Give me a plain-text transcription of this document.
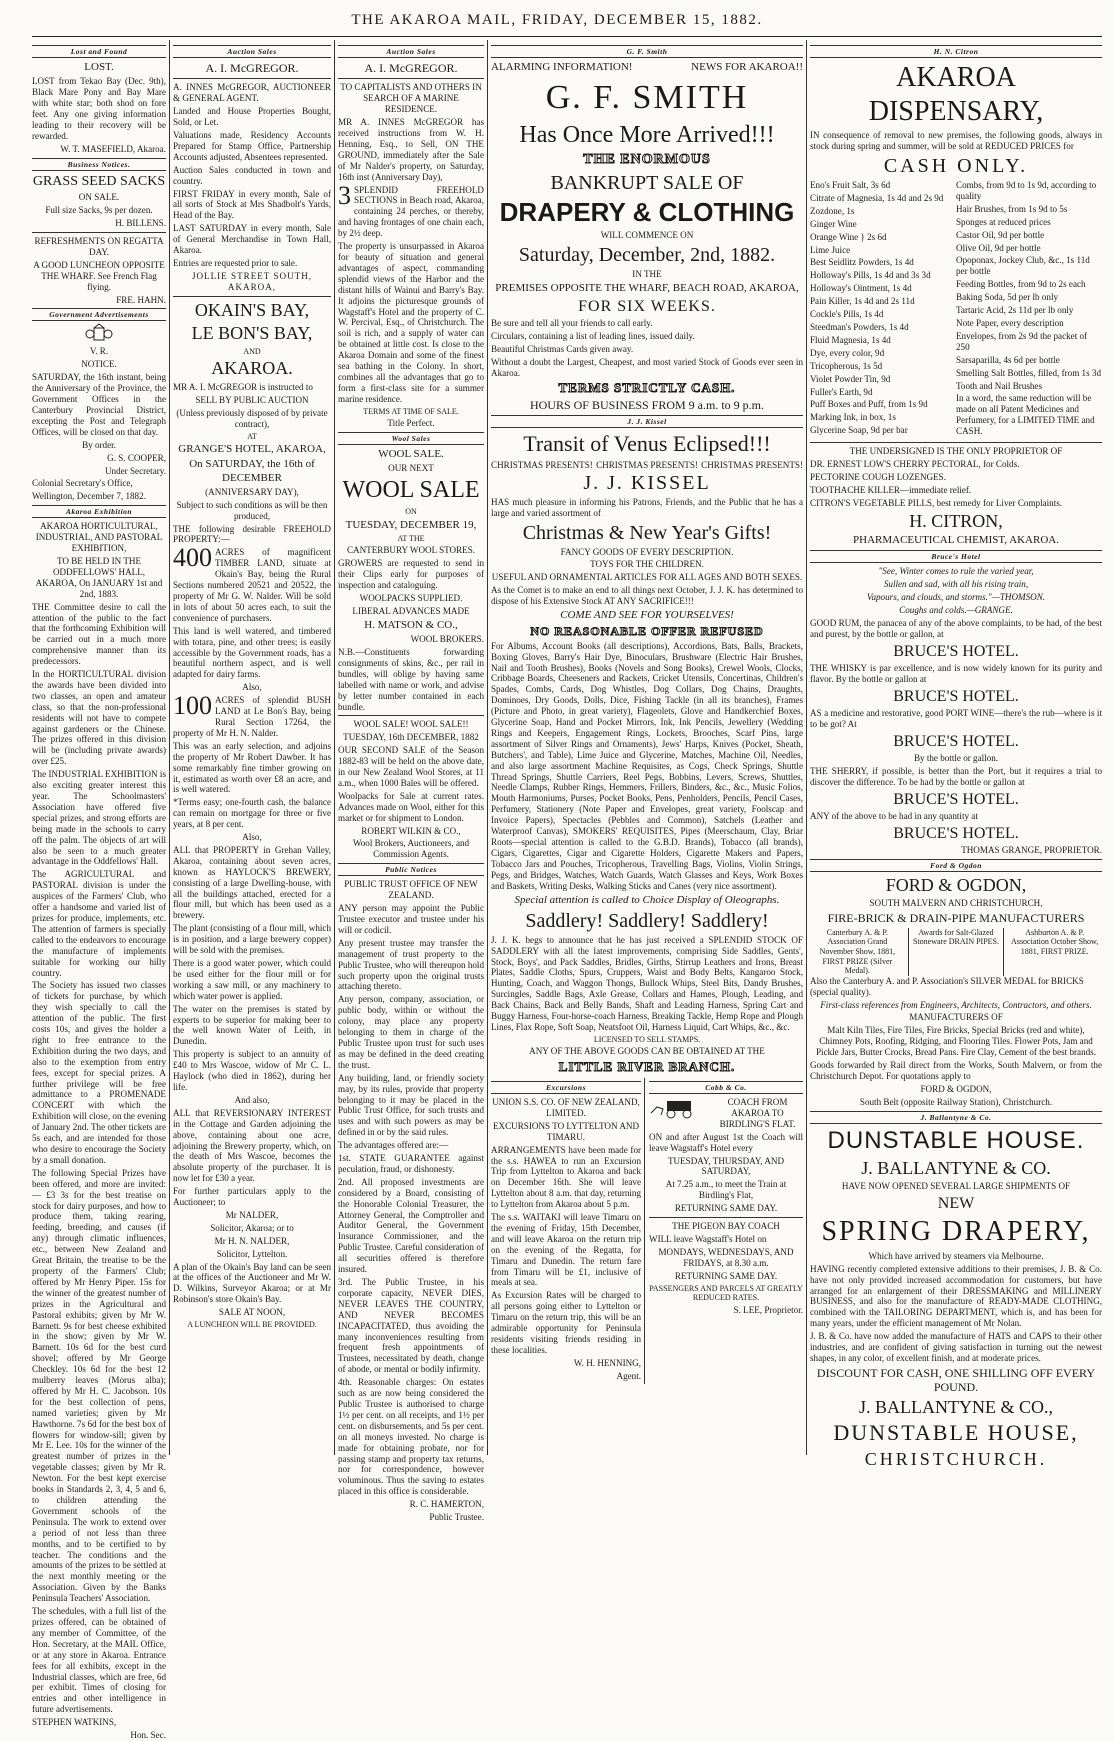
THE AKAROA MAIL, FRIDAY, DECEMBER 15, 1882.
Lost and Found

LOST.

LOST from Tekao Bay (Dec. 9th), Black Mare Pony and Bay Mare with white star; both shod on fore feet. Any one giving information leading to their recovery will be rewarded.

W. T. MASEFIELD, Akaroa.

Business Notices.

GRASS SEED SACKS

ON SALE.

Full size Sacks, 9s per dozen.

H. BILLENS.

REFRESHMENTS ON REGATTA DAY.

A GOOD LUNCHEON OPPOSITE THE WHARF. See French Flag flying.

FRE. HAHN.

Government Advertisements

V. R.

NOTICE.

SATURDAY, the 16th instant, being the Anniversary of the Province, the Government Offices in the Canterbury Provincial District, excepting the Post and Telegraph Offices, will be closed on that day.

By order.

G. S. COOPER,

Under Secretary.

Colonial Secretary's Office,

Wellington, December 7, 1882.

Akaroa Exhibition

AKAROA HORTICULTURAL, INDUSTRIAL, AND PASTORAL EXHIBITION,

TO BE HELD IN THE ODDFELLOWS' HALL, AKAROA, On JANUARY 1st and 2nd, 1883.

THE Committee desire to call the attention of the public to the fact that the forthcoming Exhibition will be carried out in a much more comprehensive manner than its predecessors.

In the HORTICULTURAL division the awards have been divided into two classes, an open and amateur class, so that the non-professional residents will not have to compete against gardeners or the Chinese. The prizes offered in this division will be (including private awards) over £25.

The INDUSTRIAL EXHIBITION is also exciting greater interest this year. The Schoolmasters' Association have offered five special prizes, and strong efforts are being made in the schools to carry off the palm. The objects of art will also be seen to a much greater advantage in the Oddfellows' Hall.

The AGRICULTURAL and PASTORAL division is under the auspices of the Farmers' Club, who offer a handsome and varied list of prizes for produce, implements, etc. The attention of farmers is specially called to the endeavors to encourage the manufacture of implements suitable for working our hilly country.

The Society has issued two classes of tickets for purchase, by which they wish specially to call the attention of the public. The first costs 10s, and gives the holder a right to free entrance to the Exhibition during the two days, and also to the exemption from entry fees, except for special prizes. A further privilege will be free admittance to a PROMENADE CONCERT with which the Exhibition will close, on the evening of January 2nd. The other tickets are 5s each, and are intended for those who desire to encourage the Society by a small donation.

The following Special Prizes have been offered, and more are invited:— £3 3s for the best treatise on stock for dairy purposes, and how to produce them, taking rearing, feeding, breeding, and causes (if any) through climatic influences, etc., between New Zealand and Great Britain, the treatise to be the property of the Farmers' Club; offered by Mr Henry Piper. 15s for the winner of the greatest number of prizes in the Agricultural and Pastoral exhibits; given by Mr W. Barnett. 9s for best cheese exhibited in the show; given by Mr W. Barnett. 10s 6d for the best curd shovel; offered by Mr George Checkley. 10s 6d for the best 12 mulberry leaves (Morus alba); offered by Mr H. C. Jacobson. 10s for the best collection of pens, named varieties; given by Mr Hawthorne. 7s 6d for the best box of flowers for window-sill; given by Mr E. Lee. 10s for the winner of the greatest number of prizes in the vegetable classes; given by Mr R. Newton. For the best kept exercise books in Standards 2, 3, 4, 5 and 6, to children attending the Government schools of the Peninsula. The work to extend over a period of not less than three months, and to be certified to by teacher. The conditions and the amounts of the prizes to be settled at the next monthly meeting or the Association. Given by the Banks Peninsula Teachers' Association.

The schedules, with a full list of the prizes offered, can be obtained of any member of Committee, of the Hon. Secretary, at the MAIL Office, or at any store in Akaroa. Entrance fees for all exhibits, except in the Industrial classes, which are free, 6d per exhibit. Times of closing for entries and other intelligence in future advertisements.

STEPHEN WATKINS,

Hon. Sec.

Auction Sales

A. I. McGREGOR.

A. INNES McGREGOR, AUCTIONEER & GENERAL AGENT.

Landed and House Properties Bought, Sold, or Let.

Valuations made, Residency Accounts Prepared for Stamp Office, Partnership Accounts adjusted, Absentees represented.

Auction Sales conducted in town and country.

FIRST FRIDAY in every month, Sale of all sorts of Stock at Mrs Shadbolt's Yards, Head of the Bay.

LAST SATURDAY in every month, Sale of General Merchandise in Town Hall, Akaroa.

Entries are requested prior to sale.

JOLLIE STREET SOUTH, AKAROA,

OKAIN'S BAY,

LE BON'S BAY,

AND

AKAROA.

MR A. I. McGREGOR is instructed to

SELL BY PUBLIC AUCTION

(Unless previously disposed of by private contract),

AT

GRANGE'S HOTEL, AKAROA,

On SATURDAY, the 16th of DECEMBER

(ANNIVERSARY DAY),

Subject to such conditions as will be then produced,

THE following desirable FREEHOLD PROPERTY:—

400 ACRES of magnificent TIMBER LAND, situate at Okain's Bay, being the Rural Sections numbered 20521 and 20522, the property of Mr G. W. Nalder. Will be sold in lots of about 50 acres each, to suit the convenience of purchasers.

This land is well watered, and timbered with totara, pine, and other trees; is easily accessible by the Government roads, has a beautiful northern aspect, and is well adapted for dairy farms.

Also,

100 ACRES of splendid BUSH LAND at Le Bon's Bay, being Rural Section 17264, the property of Mr H. N. Nalder.

This was an early selection, and adjoins the property of Mr Robert Dawber. It has some remarkably fine timber growing on it, estimated as worth over £8 an acre, and is well watered.

*Terms easy; one-fourth cash, the balance can remain on mortgage for three or five years, at 8 per cent.

Also,

ALL that PROPERTY in Grehan Valley, Akaroa, containing about seven acres, known as HAYLOCK'S BREWERY, consisting of a large Dwelling-house, with all the buildings attached, erected for a flour mill, but which has been used as a brewery.

The plant (consisting of a flour mill, which is in position, and a large brewery copper) will be sold with the premises.

There is a good water power, which could be used either for the flour mill or for working a saw mill, or any machinery to which water power is applied.

The water on the premises is stated by experts to be superior for making beer to the well known Water of Leith, in Dunedin.

This property is subject to an annuity of £40 to Mrs Wascoe, widow of Mr C. L. Haylock (who died in 1862), during her life.

And also,

ALL that REVERSIONARY INTEREST in the Cottage and Garden adjoining the above, containing about one acre, adjoining the Brewery property, which, on the death of Mrs Wascoe, becomes the absolute property of the purchaser. It is now let for £30 a year.

For further particulars apply to the Auctioneer; to

Mr NALDER,

Solicitor, Akaroa; or to

Mr H. N. NALDER,

Solicitor, Lyttelton.

A plan of the Okain's Bay land can be seen at the offices of the Auctioneer and Mr W. D. Wilkins, Surveyor Akaroa; or at Mr Robinson's store Okain's Bay.

SALE AT NOON,

A LUNCHEON WILL BE PROVIDED.

Auction Sales

A. I. McGREGOR.

TO CAPITALISTS AND OTHERS IN SEARCH OF A MARINE RESIDENCE.

MR A. INNES McGREGOR has received instructions from W. H. Henning, Esq., to Sell, ON THE GROUND, immediately after the Sale of Mr Nalder's property, on Saturday, 16th inst (Anniversary Day),

3 SPLENDID FREEHOLD SECTIONS in Beach road, Akaroa, containing 24 perches, or thereby, and having frontages of one chain each, by 2½ deep.

The property is unsurpassed in Akaroa for beauty of situation and general advantages of aspect, commanding splendid views of the Harbor and the distant hills of Wainui and Barry's Bay. It adjoins the picturesque grounds of Wagstaff's Hotel and the property of C. W. Percival, Esq., of Christchurch. The soil is rich, and a supply of water can be obtained at little cost. Is close to the Akaroa Domain and some of the finest sea bathing in the Colony. In short, combines all the advantages that go to form a first-class site for a summer marine residence.

TERMS AT TIME OF SALE.

Title Perfect.

Wool Sales

WOOL SALE.

OUR NEXT

WOOL SALE

ON

TUESDAY, DECEMBER 19,

AT THE

CANTERBURY WOOL STORES.

GROWERS are requested to send in their Clips early for purposes of inspection and cataloguing.

WOOLPACKS SUPPLIED.

LIBERAL ADVANCES MADE

H. MATSON & CO.,

WOOL BROKERS.

N.B.—Constituents forwarding consignments of skins, &c., per rail in bundles, will oblige by having same labelled with name or work, and advise by letter number contained in each bundle.

WOOL SALE! WOOL SALE!!

TUESDAY, 16th DECEMBER, 1882

OUR SECOND SALE of the Season 1882-83 will be held on the above date, in our New Zealand Wool Stores, at 11 a.m., when 1000 Bales will be offered.

Woolpacks for Sale at current rates. Advances made on Wool, either for this market or for shipment to London.

ROBERT WILKIN & CO.,

Wool Brokers, Auctioneers, and Commission Agents.

Public Notices

PUBLIC TRUST OFFICE OF NEW ZEALAND.

ANY person may appoint the Public Trustee executor and trustee under his will or codicil.

Any present trustee may transfer the management of trust property to the Public Trustee, who will thereupon hold such property upon the original trusts attaching thereto.

Any person, company, association, or public body, within or without the colony, may place any property belonging to them in charge of the Public Trustee upon trust for such uses as may be defined in the deed creating the trust.

Any building, land, or friendly society may, by its rules, provide that property belonging to it may be placed in the Public Trust Office, for such trusts and uses and with such powers as may be defined in or by the said rules.

The advantages offered are:—

1st. STATE GUARANTEE against peculation, fraud, or dishonesty.

2nd. All proposed investments are considered by a Board, consisting of the Honorable Colonial Treasurer, the Attorney General, the Comptroller and Auditor General, the Government Insurance Commissioner, and the Public Trustee. Careful consideration of all securities offered is therefore insured.

3rd. The Public Trustee, in his corporate capacity, NEVER DIES, NEVER LEAVES THE COUNTRY, AND NEVER BECOMES INCAPACITATED, thus avoiding the many inconveniences resulting from frequent fresh appointments of Trustees, necessitated by death, change of abode, or mental or bodily infirmity.

4th. Reasonable charges: On estates such as are now being considered the Public Trustee is authorised to charge 1½ per cent. on all receipts, and 1½ per cent. on disbursements, and 5s per cent. on all moneys invested. No charge is made for obtaining probate, nor for passing stamp and property tax returns, nor for correspondence, however voluminous. Thus the saving to estates placed in this office is considerable.

R. C. HAMERTON,

Public Trustee.

G. F. Smith
ALARMING INFORMATION!	NEWS FOR AKAROA!!

G. F. SMITH

Has Once More Arrived!!!

THE ENORMOUS

BANKRUPT SALE OF

DRAPERY & CLOTHING

WILL COMMENCE ON

Saturday, December, 2nd, 1882.

IN THE

PREMISES OPPOSITE THE WHARF, BEACH ROAD, AKAROA,

FOR SIX WEEKS.

Be sure and tell all your friends to call early.

Circulars, containing a list of leading lines, issued daily.

Beautiful Christmas Cards given away.

Without a doubt the Largest, Cheapest, and most varied Stock of Goods ever seen in Akaroa.

TERMS STRICTLY CASH.

HOURS OF BUSINESS FROM 9 a.m. to 9 p.m.

J. J. Kissel

Transit of Venus Eclipsed!!!

CHRISTMAS PRESENTS! CHRISTMAS PRESENTS! CHRISTMAS PRESENTS!

J. J. KISSEL

HAS much pleasure in informing his Patrons, Friends, and the Public that he has a large and varied assortment of

Christmas & New Year's Gifts!

FANCY GOODS OF EVERY DESCRIPTION.

TOYS FOR THE CHILDREN.

USEFUL AND ORNAMENTAL ARTICLES FOR ALL AGES AND BOTH SEXES.

As the Comet is to make an end to all things next October, J. J. K. has determined to dispose of his Extensive Stock AT ANY SACRIFICE!!!

COME AND SEE FOR YOURSELVES!

NO REASONABLE OFFER REFUSED

For Albums, Account Books (all descriptions), Accordions, Bats, Balls, Brackets, Boxing Gloves, Barry's Hair Dye, Binoculars, Brushware (Electric Hair Brushes, Nail and Tooth Brushes), Books (Novels and Song Books), Crewel Wools, Clocks, Cribbage Boards, Cheeseners and Rackets, Cricket Utensils, Concertinas, Children's Spades, Combs, Cards, Dog Whistles, Dog Collars, Dog Chains, Draughts, Dominoes, Dry Goods, Dolls, Dice, Fishing Tackle (in all its branches), Frames (Picture and Photo, in great variety), Flageolets, Glove and Handkerchief Boxes, Glycerine Soap, Hand and Pocket Mirrors, Ink, Ink Pencils, Jewellery (Wedding Rings and Keepers, Engagement Rings, Lockets, Brooches, Scarf Pins, large assortment of Silver Rings and Ornaments), Jews' Harps, Knives (Pocket, Sheath, Butchers', and Table), Lime Juice and Glycerine, Matches, Machine Oil, Needles, and also large assortment Machine Requisites, as Cogs, Check Springs, Shuttle Thread Springs, Shuttle Carriers, Reel Pegs, Bobbins, Levers, Screws, Shuttles, Needle Clamps, Rubber Rings, Hemmers, Frillers, Binders, &c., &c., Music Folios, Mouth Harmoniums, Purses, Pocket Books, Pens, Penholders, Pencils, Pencil Cases, Perfumery, Stationery (Note Paper and Envelopes, great variety, Foolscap and Invoice Papers), Spectacles (Pebbles and Common), Satchels (Leather and Waterproof Canvas), SMOKERS' REQUISITES, Pipes (Meerschaum, Clay, Briar Roots—special attention is called to the G.B.D. Brands), Tobacco (all brands), Cigars, Cigarettes, Cigar and Cigarette Holders, Cigarette Makers and Papers, Tobacco Jars and Pouches, Tricopherous, Travelling Bags, Violins, Violin Strings, Pegs, and Bridges, Watches, Watch Guards, Watch Glasses and Keys, Work Boxes and Baskets, Writing Desks, Walking Sticks and Canes (very nice assortment).

Special attention is called to Choice Display of Oleographs.

Saddlery! Saddlery! Saddlery!

J. J. K. begs to announce that he has just received a SPLENDID STOCK OF SADDLERY with all the latest improvements, comprising Side Saddles, Gents', Stock, Boys', and Pack Saddles, Bridles, Girths, Stirrup Leathers and Irons, Breast Plates, Saddle Cloths, Spurs, Cruppers, Waist and Body Belts, Kangaroo Stock, Hunting, Coach, and Waggon Thongs, Bullock Whips, Steel Bits, Dandy Brushes, Surcingles, Saddle Bags, Axle Grease, Collars and Hames, Plough, Leading, and Back Chains, Back and Belly Bands, Shaft and Leading Harness, Spring Cart and Buggy Harness, Four-horse-coach Harness, Breaking Tackle, Hemp Rope and Plough Lines, Flax Rope, Soft Soap, Neatsfoot Oil, Harness Liquid, Cart Whips, &c., &c.

LICENSED TO SELL STAMPS.

ANY OF THE ABOVE GOODS CAN BE OBTAINED AT THE

LITTLE RIVER BRANCH.

Excursions

UNION S.S. CO. OF NEW ZEALAND, LIMITED.

EXCURSIONS TO LYTTELTON AND TIMARU.

ARRANGEMENTS have been made for the s.s. HAWEA to run an Excursion Trip from Lyttelton to Akaroa and back on December 16th. She will leave Lyttelton about 8 a.m. that day, returning to Lyttelton from Akaroa about 5 p.m.

The s.s. WAITAKI will leave Timaru on the evening of Friday, 15th December, and will leave Akaroa on the return trip on the evening of the Regatta, for Timaru and Dunedin. The return fare from Timaru will be £1, inclusive of meals at sea.

As Excursion Rates will be charged to all persons going either to Lyttelton or Timaru on the return trip, this will be an admirable opportunity for Peninsula residents visiting friends residing in these localities.

W. H. HENNING,

Agent.

Cobb & Co.

COACH FROM AKAROA TO BIRDLING'S FLAT.

ON and after August 1st the Coach will leave Wagstaff's Hotel every

TUESDAY, THURSDAY, AND SATURDAY,

At 7.25 a.m., to meet the Train at Birdling's Flat,

RETURNING SAME DAY.

THE PIGEON BAY COACH

WILL leave Wagstaff's Hotel on

MONDAYS, WEDNESDAYS, AND FRIDAYS, at 8.30 a.m.

RETURNING SAME DAY.

PASSENGERS AND PARCELS AT GREATLY REDUCED RATES.

S. LEE, Proprietor.

H. N. Citron

AKAROA DISPENSARY,

IN consequence of removal to new premises, the following goods, always in stock during spring and summer, will be sold at REDUCED PRICES for

CASH ONLY.

Eno's Fruit Salt, 3s 6d

Citrate of Magnesia, 1s 4d and 2s 9d

Zozdone, 1s

Ginger Wine

Orange Wine } 2s 6d

Lime Juice

Best Seidlitz Powders, 1s 4d

Holloway's Pills, 1s 4d and 3s 3d

Holloway's Ointment, 1s 4d

Pain Killer, 1s 4d and 2s 11d

Cockle's Pills, 1s 4d

Steedman's Powders, 1s 4d

Fluid Magnesia, 1s 4d

Dye, every color, 9d

Tricopherous, 1s 5d

Violet Powder Tin, 9d

Fuller's Earth, 9d

Puff Boxes and Puff, from 1s 9d

Marking Ink, in box, 1s

Glycerine Soap, 9d per bar

Combs, from 9d to 1s 9d, according to quality

Hair Brushes, from 1s 9d to 5s

Sponges at reduced prices

Castor Oil, 9d per bottle

Olive Oil, 9d per bottle

Opoponax, Jockey Club, &c., 1s 11d per bottle

Feeding Bottles, from 9d to 2s each

Baking Soda, 5d per lb only

Tartaric Acid, 2s 11d per lb only

Note Paper, every description

Envelopes, from 2s 9d the packet of 250

Sarsaparilla, 4s 6d per bottle

Smelling Salt Bottles, filled, from 1s 3d

Tooth and Nail Brushes

In a word, the same reduction will be made on all Patent Medicines and Perfumery, for a LIMITED TIME and CASH.

THE UNDERSIGNED IS THE ONLY PROPRIETOR OF

DR. ERNEST LOW'S CHERRY PECTORAL, for Colds.

PECTORINE COUGH LOZENGES.

TOOTHACHE KILLER—immediate relief.

CITRON'S VEGETABLE PILLS, best remedy for Liver Complaints.

H. CITRON,

PHARMACEUTICAL CHEMIST, AKAROA.

Bruce's Hotel

"See, Winter comes to rule the varied year,

Sullen and sad, with all his rising train,

Vapours, and clouds, and storms."—THOMSON.

Coughs and colds.—GRANGE.

GOOD RUM, the panacea of any of the above complaints, to be had, of the best and purest, by the bottle or gallon, at

BRUCE'S HOTEL.

THE WHISKY is par excellence, and is now widely known for its purity and flavor. By the bottle or gallon at

BRUCE'S HOTEL.

AS a medicine and restorative, good PORT WINE—there's the rub—where is it to be got? At

BRUCE'S HOTEL.

By the bottle or gallon.

THE SHERRY, if possible, is better than the Port, but it requires a trial to discover the difference. To be had by the bottle or gallon at

BRUCE'S HOTEL.

ANY of the above to be had in any quantity at

BRUCE'S HOTEL.

THOMAS GRANGE, PROPRIETOR.

Ford & Ogdon

FORD & OGDON,

SOUTH MALVERN AND CHRISTCHURCH,

FIRE-BRICK & DRAIN-PIPE MANUFACTURERS

Canterbury A. & P. Association Grand November Show, 1881, FIRST PRIZE (Silver Medal).
Awards for Salt-Glazed Stoneware DRAIN PIPES.
Ashburton A. & P. Association October Show, 1881, FIRST PRIZE.

Also the Canterbury A. and P. Association's SILVER MEDAL for BRICKS (special quality).

First-class references from Engineers, Architects, Contractors, and others.

MANUFACTURERS OF

Malt Kiln Tiles, Fire Tiles, Fire Bricks, Special Bricks (red and white), Chimney Pots, Roofing, Ridging, and Flooring Tiles. Flower Pots, Jam and Pickle Jars, Butter Crocks, Bread Pans. Fire Clay, Cement of the best brands.

Goods forwarded by Rail direct from the Works, South Malvern, or from the Christchurch Depot. For quotations apply to

FORD & OGDON,

South Belt (opposite Railway Station), Christchurch.

J. Ballantyne & Co.

DUNSTABLE HOUSE.

J. BALLANTYNE & CO.

HAVE NOW OPENED SEVERAL LARGE SHIPMENTS OF

NEW

SPRING DRAPERY,

Which have arrived by steamers via Melbourne.

HAVING recently completed extensive additions to their premises, J. B. & Co. have not only provided increased accommodation for customers, but have arranged for an enlargement of their DRESSMAKING and MILLINERY BUSINESS, and also for the manufacture of READY-MADE CLOTHING, combined with the TAILORING DEPARTMENT, which is, and has been for many years, under the efficient management of Mr Nolan.

J. B. & Co. have now added the manufacture of HATS and CAPS to their other industries, and are confident of giving satisfaction in turning out the newest shapes, in any color, of excellent finish, and at moderate prices.

DISCOUNT FOR CASH, ONE SHILLING OFF EVERY POUND.

J. BALLANTYNE & CO.,

DUNSTABLE HOUSE,

CHRISTCHURCH.
